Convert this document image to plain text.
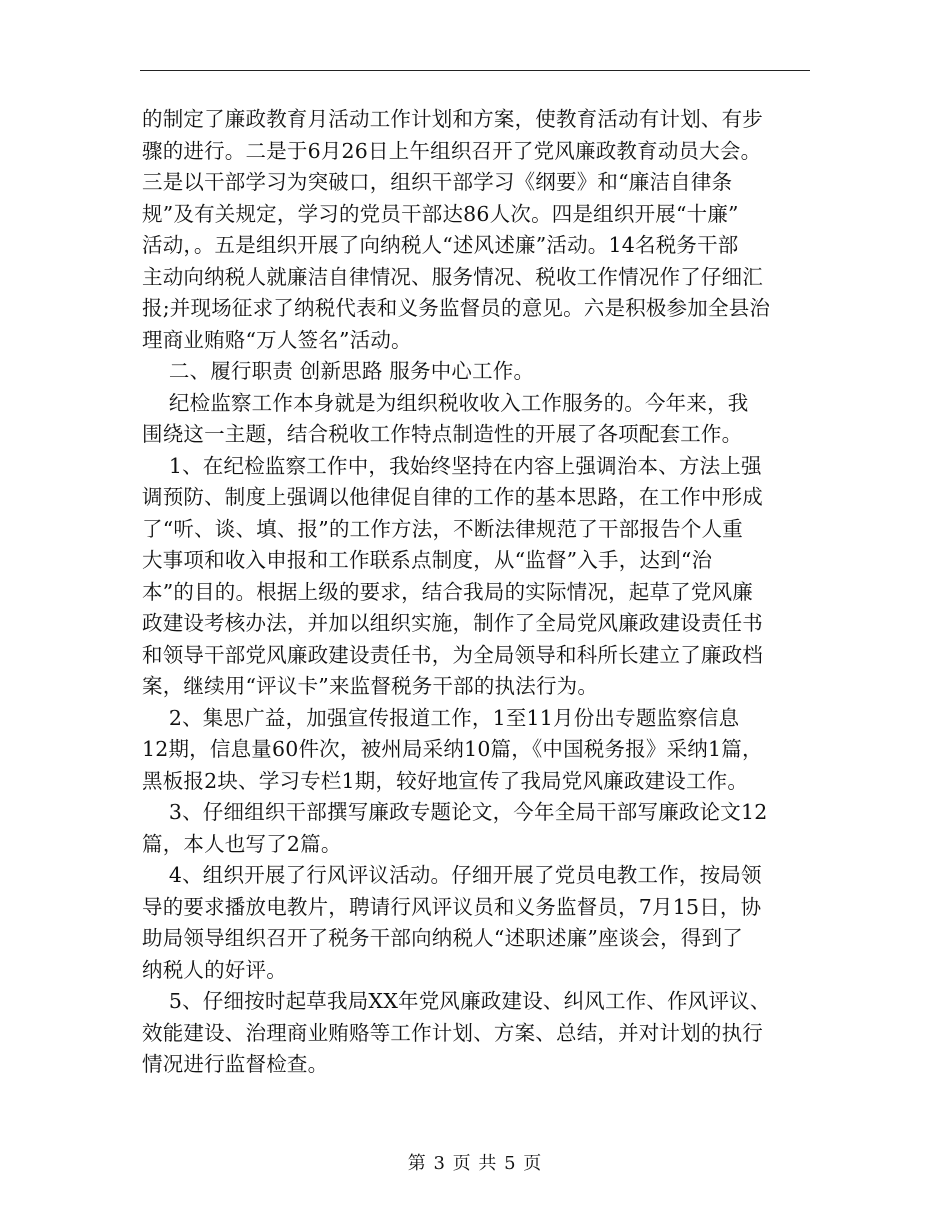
的制定了廉政教育月活动工作计划和方案，使教育活动有计划、有步
骤的进行。二是于6月26日上午组织召开了党风廉政教育动员大会。
三是以干部学习为突破口，组织干部学习《纲要》和“廉洁自律条
规”及有关规定，学习的党员干部达86人次。四是组织开展“十廉”
活动，。五是组织开展了向纳税人“述风述廉”活动。14名税务干部
主动向纳税人就廉洁自律情况、服务情况、税收工作情况作了仔细汇
报;并现场征求了纳税代表和义务监督员的意见。六是积极参加全县治
理商业贿赂“万人签名”活动。
二、履行职责 创新思路 服务中心工作。
纪检监察工作本身就是为组织税收收入工作服务的。今年来，我
围绕这一主题，结合税收工作特点制造性的开展了各项配套工作。
1、在纪检监察工作中，我始终坚持在内容上强调治本、方法上强
调预防、制度上强调以他律促自律的工作的基本思路，在工作中形成
了“听、谈、填、报”的工作方法，不断法律规范了干部报告个人重
大事项和收入申报和工作联系点制度，从“监督”入手，达到“治
本”的目的。根据上级的要求，结合我局的实际情况，起草了党风廉
政建设考核办法，并加以组织实施，制作了全局党风廉政建设责任书
和领导干部党风廉政建设责任书，为全局领导和科所长建立了廉政档
案，继续用“评议卡”来监督税务干部的执法行为。
2、集思广益，加强宣传报道工作，1至11月份出专题监察信息
12期，信息量60件次，被州局采纳10篇，《中国税务报》采纳1篇，
黑板报2块、学习专栏1期，较好地宣传了我局党风廉政建设工作。
3、仔细组织干部撰写廉政专题论文，今年全局干部写廉政论文12
篇，本人也写了2篇。
4、组织开展了行风评议活动。仔细开展了党员电教工作，按局领
导的要求播放电教片，聘请行风评议员和义务监督员，7月15日，协
助局领导组织召开了税务干部向纳税人“述职述廉”座谈会，得到了
纳税人的好评。
5、仔细按时起草我局XX年党风廉政建设、纠风工作、作风评议、
效能建设、治理商业贿赂等工作计划、方案、总结，并对计划的执行
情况进行监督检查。
第 3 页 共 5 页
